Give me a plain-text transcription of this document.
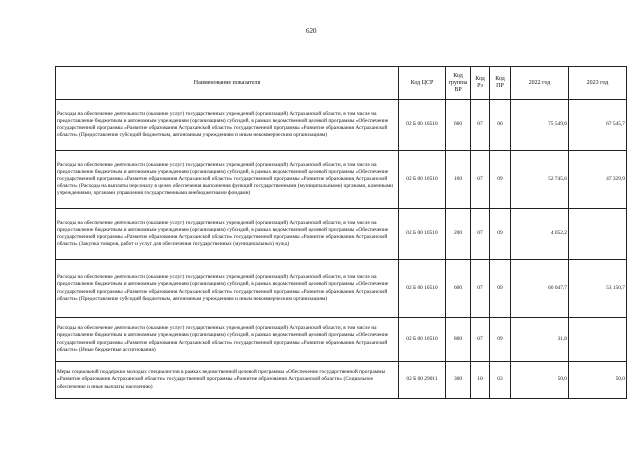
620
Наименование показателя	Код ЦСР	Код группы ВР	Код Рз	Код ПР	2022 год	2023 год
Расходы на обеспечение деятельности (оказание услуг) государственных учреждений (организаций) Астраханской области, в том числе на предоставление бюджетным и автономным учреждениям (организациям) субсидий, в рамках ведомственной целевой программы «Обеспечение государственной программы «Развитие образования Астраханской области» государственной программы «Развитие образования Астраханской области» (Предоставление субсидий бюджетным, автономным учреждениям и иным некоммерческим организациям)	02 Б 00 10510	600	07	06	75 549,6	67 545,7
Расходы на обеспечение деятельности (оказание услуг) государственных учреждений (организаций) Астраханской области, в том числе на предоставление бюджетным и автономным учреждениям (организациям) субсидий, в рамках ведомственной целевой программы «Обеспечение государственной программы «Развитие образования Астраханской области» государственной программы «Развитие образования Астраханской области» (Расходы на выплаты персоналу в целях обеспечения выполнения функций государственными (муниципальными) органами, казенными учреждениями, органами управления государственными внебюджетными фондами)	02 Б 00 10510	100	07	09	52 745,6	47 329,9
Расходы на обеспечение деятельности (оказание услуг) государственных учреждений (организаций) Астраханской области, в том числе на предоставление бюджетным и автономным учреждениям (организациям) субсидий, в рамках ведомственной целевой программы «Обеспечение государственной программы «Развитие образования Астраханской области» государственной программы «Развитие образования Астраханской области» (Закупка товаров, работ и услуг для обеспечения государственных (муниципальных) нужд)	02 Б 00 10510	200	07	09	4 052,2	
Расходы на обеспечение деятельности (оказание услуг) государственных учреждений (организаций) Астраханской области, в том числе на предоставление бюджетным и автономным учреждениям (организациям) субсидий, в рамках ведомственной целевой программы «Обеспечение государственной программы «Развитие образования Астраханской области» государственной программы «Развитие образования Астраханской области» (Предоставление субсидий бюджетным, автономным учреждениям и иным некоммерческим организациям)	02 Б 00 10510	600	07	09	60 047,7	53 150,7
Расходы на обеспечение деятельности (оказание услуг) государственных учреждений (организаций) Астраханской области, в том числе на предоставление бюджетным и автономным учреждениям (организациям) субсидий, в рамках ведомственной целевой программы «Обеспечение государственной программы «Развитие образования Астраханской области» государственной программы «Развитие образования Астраханской области» (Иные бюджетные ассигнования)	02 Б 00 10510	800	07	09	31,8	
Меры социальной поддержки молодых специалистов в рамках ведомственной целевой программы «Обеспечение государственной программы «Развитие образования Астраханской области» государственной программы «Развитие образования Астраханской области» (Социальное обеспечение и иные выплаты населению)	02 Б 00 29011	300	10	03	50,0	50,0
